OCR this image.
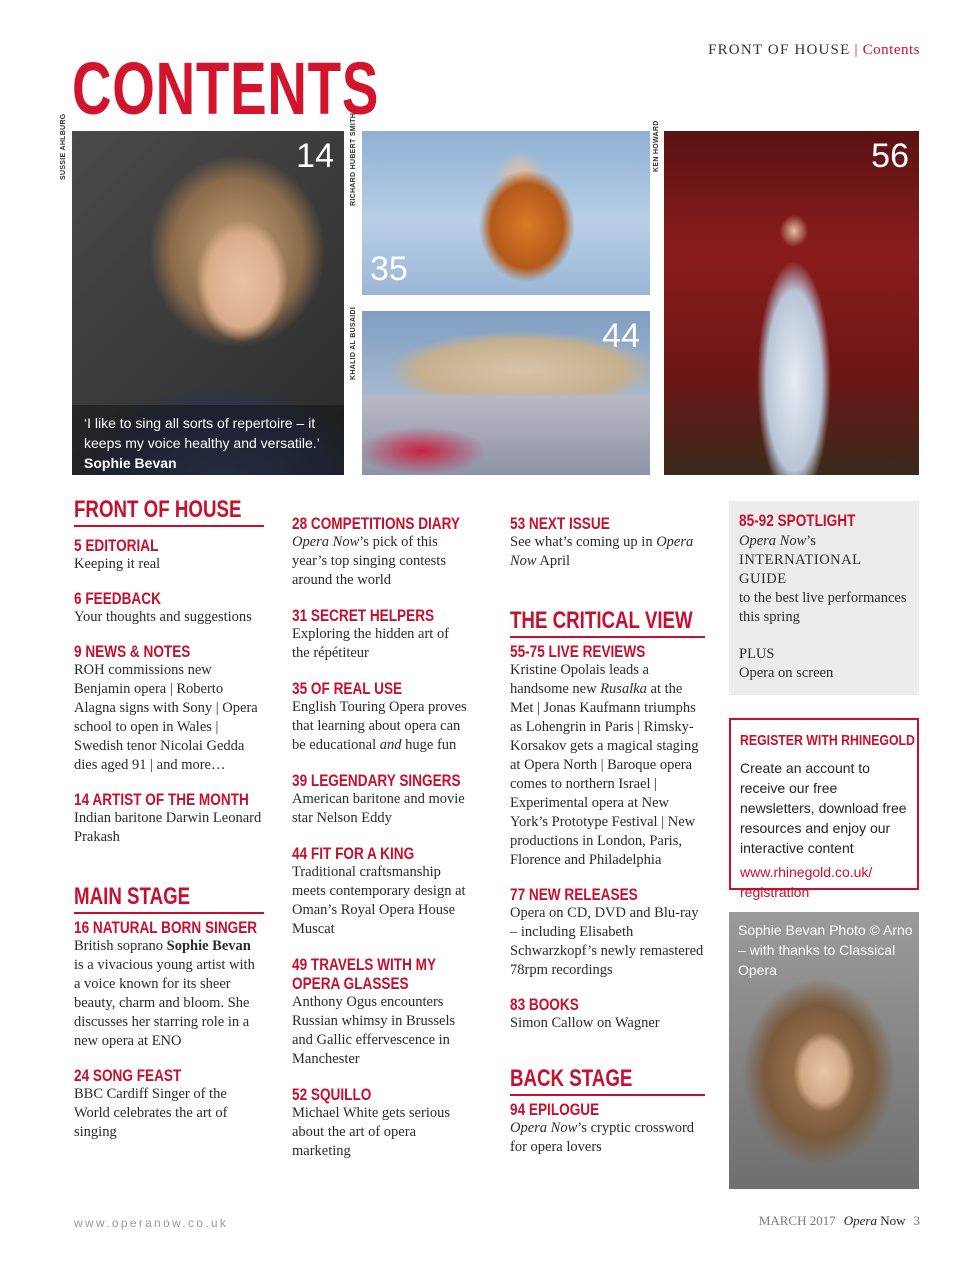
FRONT OF HOUSE | Contents
CONTENTS
SUSSIE AHLBURG	14
‘I like to sing all sorts of repertoire – it keeps my voice healthy and versatile.’ Sophie Bevan
RICHARD HUBERT SMITH
35
KHALID AL BUSAIDI	44
KEN HOWARD	56
FRONT OF HOUSE
5 EDITORIAL
Keeping it real
6 FEEDBACK
Your thoughts and suggestions
9 NEWS & NOTES
ROH commissions new Benjamin opera | Roberto Alagna signs with Sony | Opera school to open in Wales | Swedish tenor Nicolai Gedda dies aged 91 | and more…
14 ARTIST OF THE MONTH
Indian baritone Darwin Leonard Prakash
MAIN STAGE
16 NATURAL BORN SINGER
British soprano Sophie Bevan is a vivacious young artist with a voice known for its sheer beauty, charm and bloom. She discusses her starring role in a new opera at ENO
24 SONG FEAST
BBC Cardiff Singer of the World celebrates the art of singing
28 COMPETITIONS DIARY
Opera Now’s pick of this year’s top singing contests around the world
31 SECRET HELPERS
Exploring the hidden art of the répétiteur
35 OF REAL USE
English Touring Opera proves that learning about opera can be educational and huge fun
39 LEGENDARY SINGERS
American baritone and movie star Nelson Eddy
44 FIT FOR A KING
Traditional craftsmanship meets contemporary design at Oman’s Royal Opera House Muscat
49 TRAVELS WITH MY OPERA GLASSES
Anthony Ogus encounters Russian whimsy in Brussels and Gallic effervescence in Manchester
52 SQUILLO
Michael White gets serious about the art of opera marketing
53 NEXT ISSUE
See what’s coming up in Opera Now April
THE CRITICAL VIEW
55-75 LIVE REVIEWS
Kristine Opolais leads a handsome new Rusalka at the Met | Jonas Kaufmann triumphs as Lohengrin in Paris | Rimsky-Korsakov gets a magical staging at Opera North | Baroque opera comes to northern Israel | Experimental opera at New York’s Prototype Festival | New productions in London, Paris, Florence and Philadelphia
77 NEW RELEASES
Opera on CD, DVD and Blu-ray – including Elisabeth Schwarzkopf’s newly remastered 78rpm recordings
83 BOOKS
Simon Callow on Wagner
BACK STAGE
94 EPILOGUE
Opera Now’s cryptic crossword for opera lovers
85-92 SPOTLIGHT
Opera Now’s
INTERNATIONAL GUIDE
to the best live performances this spring
PLUS
Opera on screen
REGISTER WITH RHINEGOLD
Create an account to receive our free newsletters, download free resources and enjoy our interactive content
www.rhinegold.co.uk/ registration
Sophie Bevan Photo © Arno – with thanks to Classical Opera
www.operanow.co.uk	MARCH 2017 Opera Now 3
